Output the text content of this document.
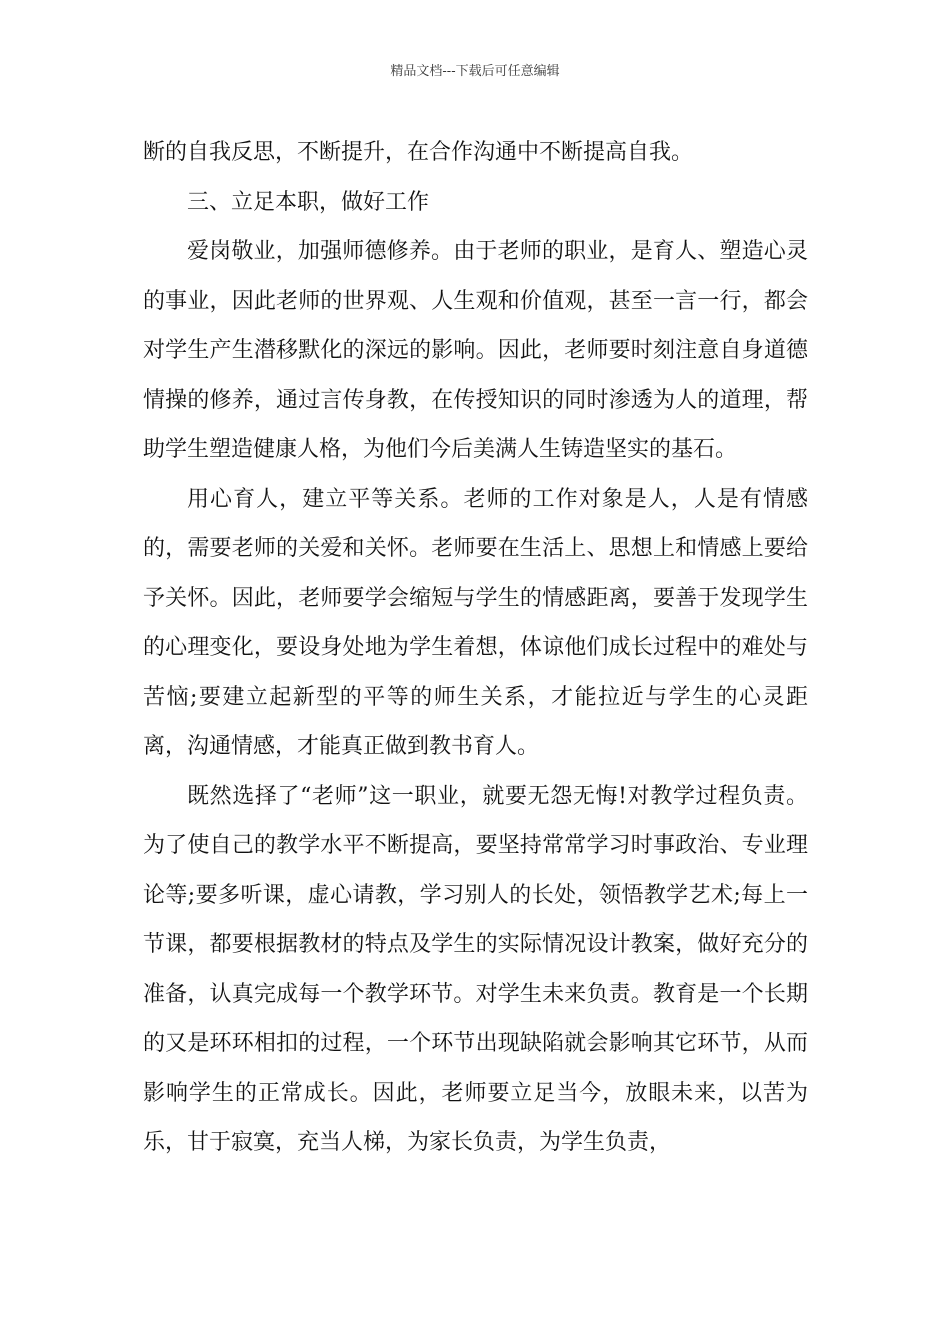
精品文档---下载后可任意编辑

断的自我反思，不断提升，在合作沟通中不断提高自我。

三、立足本职，做好工作

爱岗敬业，加强师德修养。由于老师的职业，是育人、塑造心灵的事业，因此老师的世界观、人生观和价值观，甚至一言一行，都会对学生产生潜移默化的深远的影响。因此，老师要时刻注意自身道德情操的修养，通过言传身教，在传授知识的同时渗透为人的道理，帮助学生塑造健康人格，为他们今后美满人生铸造坚实的基石。

用心育人，建立平等关系。老师的工作对象是人，人是有情感的，需要老师的关爱和关怀。老师要在生活上、思想上和情感上要给予关怀。因此，老师要学会缩短与学生的情感距离，要善于发现学生的心理变化，要设身处地为学生着想，体谅他们成长过程中的难处与苦恼;要建立起新型的平等的师生关系，才能拉近与学生的心灵距离，沟通情感，才能真正做到教书育人。

既然选择了“老师”这一职业，就要无怨无悔!对教学过程负责。为了使自己的教学水平不断提高，要坚持常常学习时事政治、专业理论等;要多听课，虚心请教，学习别人的长处，领悟教学艺术;每上一节课，都要根据教材的特点及学生的实际情况设计教案，做好充分的准备，认真完成每一个教学环节。对学生未来负责。教育是一个长期的又是环环相扣的过程，一个环节出现缺陷就会影响其它环节，从而影响学生的正常成长。因此，老师要立足当今，放眼未来，以苦为乐，甘于寂寞，充当人梯，为家长负责，为学生负责，
